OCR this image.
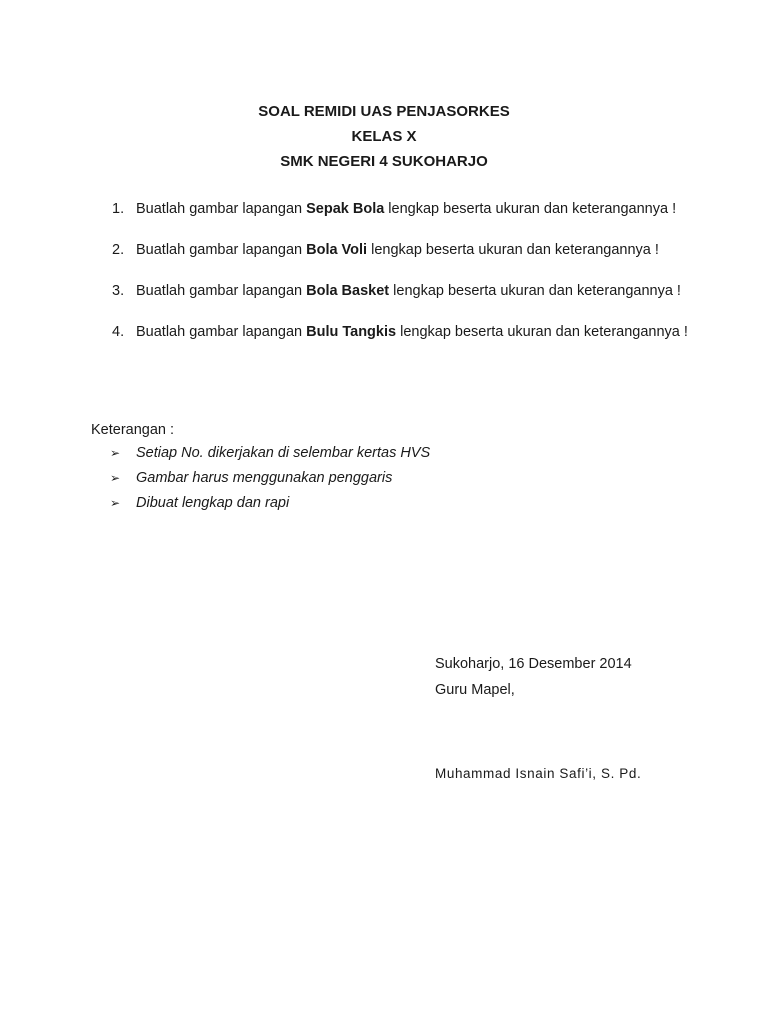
SOAL REMIDI UAS PENJASORKES
KELAS X
SMK NEGERI 4 SUKOHARJO
1. Buatlah gambar lapangan Sepak Bola lengkap beserta ukuran dan keterangannya !
2. Buatlah gambar lapangan Bola Voli lengkap beserta ukuran dan keterangannya !
3. Buatlah gambar lapangan Bola Basket lengkap beserta ukuran dan keterangannya !
4. Buatlah gambar lapangan Bulu Tangkis lengkap beserta ukuran dan keterangannya !
Keterangan :
➢ Setiap No. dikerjakan di selembar kertas HVS
➢ Gambar harus menggunakan penggaris
➢ Dibuat lengkap dan rapi
Sukoharjo, 16 Desember 2014
Guru Mapel,
Muhammad Isnain Safi’i, S. Pd.
